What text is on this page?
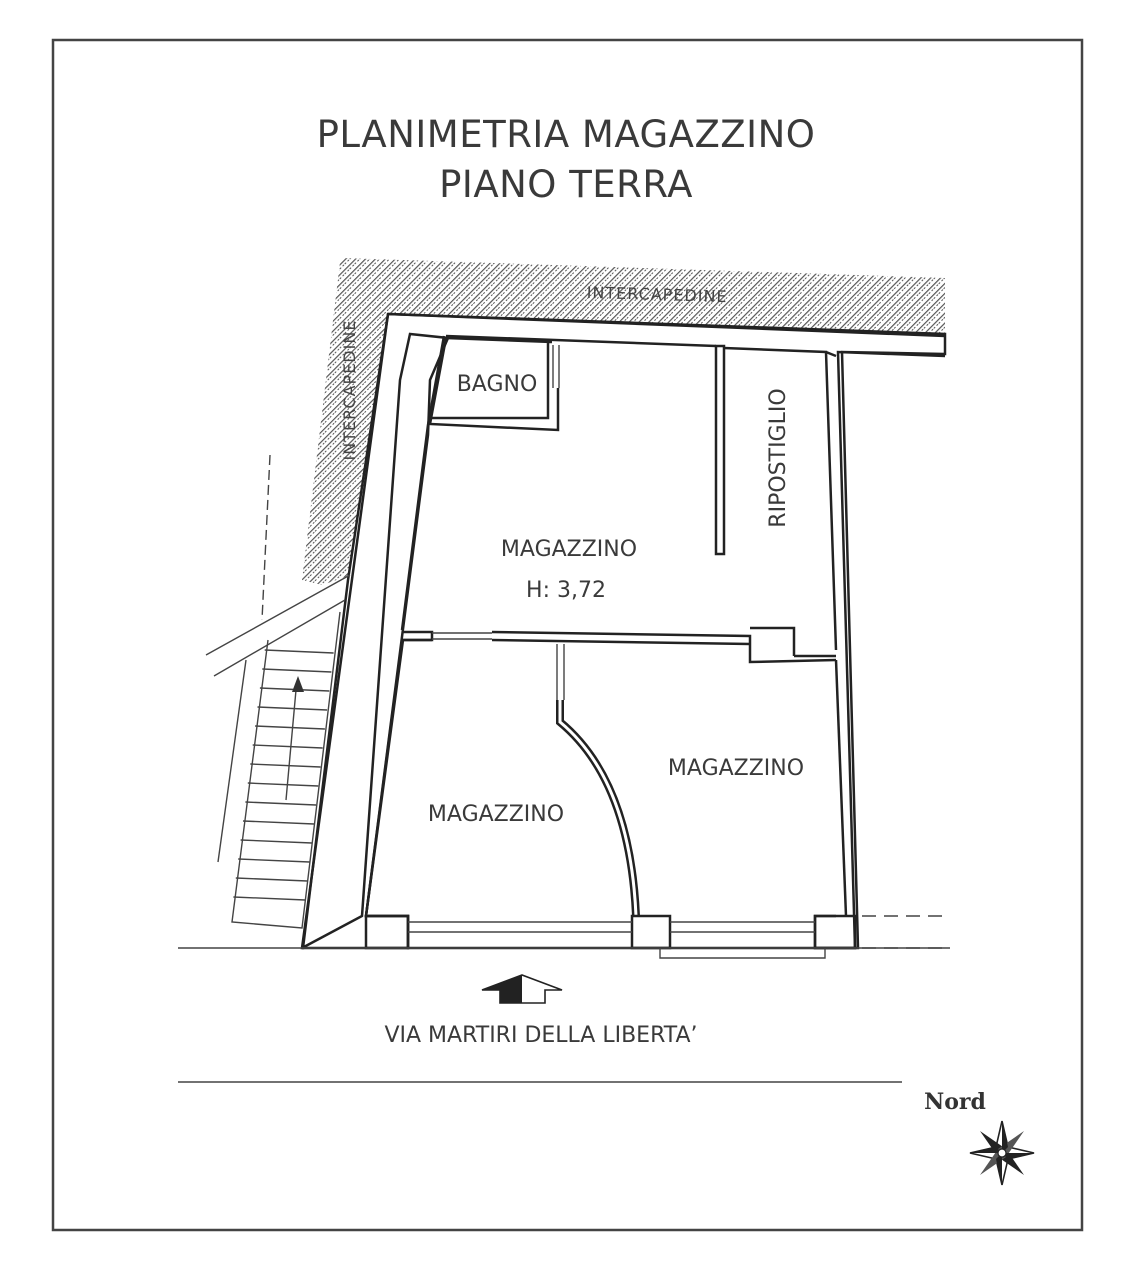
PLANIMETRIA MAGAZZINO
PIANO TERRA
INTERCAPEDINE
INTERCAPEDINE	BAGNO
RIPOSTIGLIO
MAGAZZINO
H: 3,72
MAGAZZINO
MAGAZZINO
VIA MARTIRI DELLA LIBERTA’
Nord
